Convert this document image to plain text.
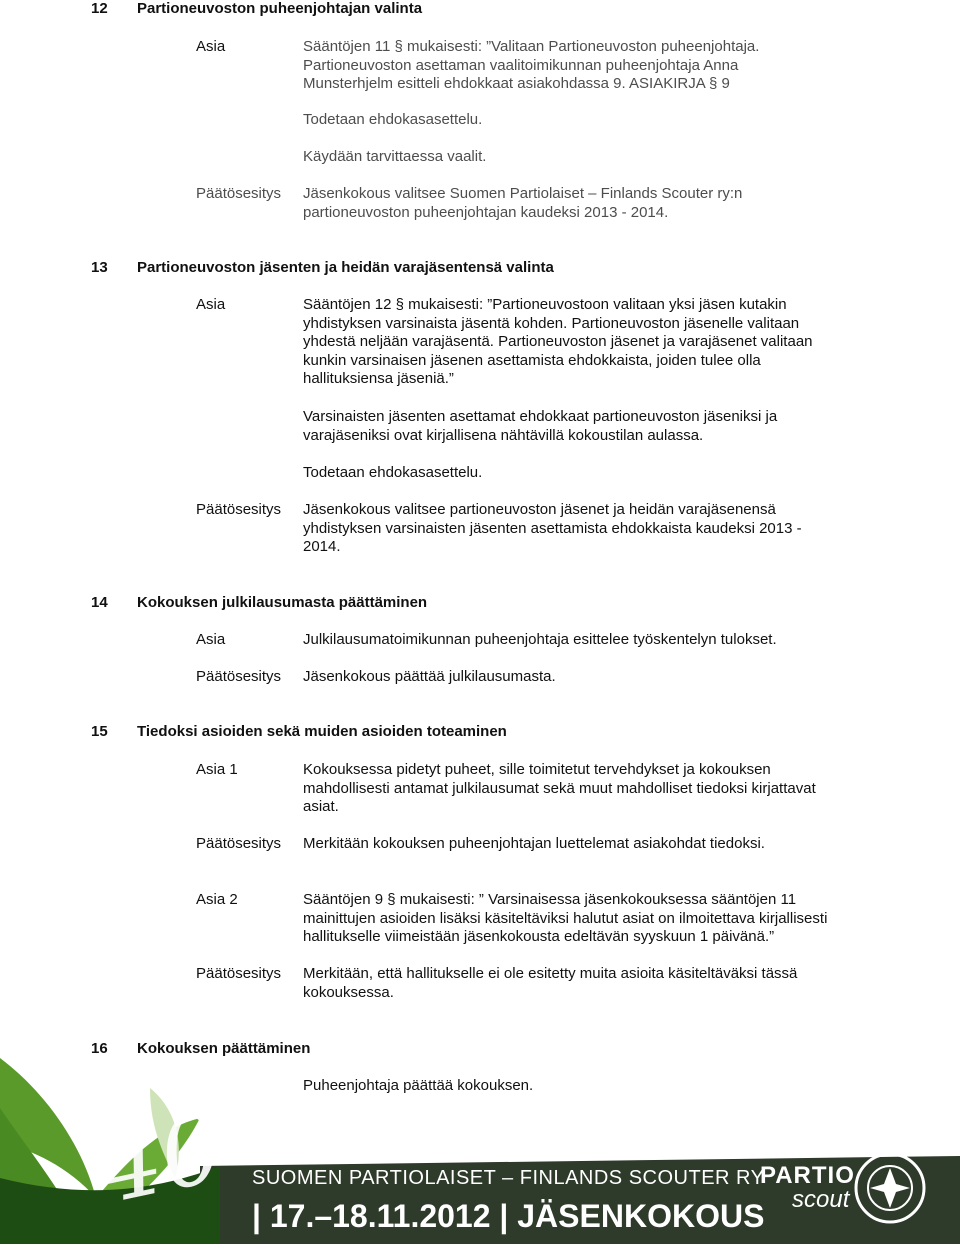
12 Partioneuvoston puheenjohtajan valinta
Asia	Sääntöjen 11 § mukaisesti: ”Valitaan Partioneuvoston puheenjohtaja.

Partioneuvoston asettaman vaalitoimikunnan puheenjohtaja Anna

Munsterhjelm esitteli ehdokkaat asiakohdassa 9. ASIAKIRJA § 9

Todetaan ehdokasasettelu.
Käydään tarvittaessa vaalit.
Päätösesitys Jäsenkokous valitsee Suomen Partiolaiset – Finlands Scouter ry:n

partioneuvoston puheenjohtajan kaudeksi 2013 - 2014.

13 Partioneuvoston jäsenten ja heidän varajäsentensä valinta
Asia	Sääntöjen 12 § mukaisesti: ”Partioneuvostoon valitaan yksi jäsen kutakin

yhdistyksen varsinaista jäsentä kohden. Partioneuvoston jäsenelle valitaan

yhdestä neljään varajäsentä. Partioneuvoston jäsenet ja varajäsenet valitaan

kunkin varsinaisen jäsenen asettamista ehdokkaista, joiden tulee olla

hallituksiensa jäseniä.”

Varsinaisten jäsenten asettamat ehdokkaat partioneuvoston jäseniksi ja

varajäseniksi ovat kirjallisena nähtävillä kokoustilan aulassa.

Todetaan ehdokasasettelu.
Päätösesitys Jäsenkokous valitsee partioneuvoston jäsenet ja heidän varajäsenensä

yhdistyksen varsinaisten jäsenten asettamista ehdokkaista kaudeksi 2013 -

2014.

14 Kokouksen julkilausumasta päättäminen
Asia	Julkilausumatoimikunnan puheenjohtaja esittelee työskentelyn tulokset.
Päätösesitys Jäsenkokous päättää julkilausumasta.
15 Tiedoksi asioiden sekä muiden asioiden toteaminen
Asia 1	Kokouksessa pidetyt puheet, sille toimitetut tervehdykset ja kokouksen

mahdollisesti antamat julkilausumat sekä muut mahdolliset tiedoksi kirjattavat

asiat.

Päätösesitys Merkitään kokouksen puheenjohtajan luettelemat asiakohdat tiedoksi.
Asia 2	Sääntöjen 9 § mukaisesti: ” Varsinaisessa jäsenkokouksessa sääntöjen 11

mainittujen asioiden lisäksi käsiteltäviksi halutut asiat on ilmoitettava kirjallisesti

hallitukselle viimeistään jäsenkokousta edeltävän syyskuun 1 päivänä.”

Päätösesitys Merkitään, että hallitukselle ei ole esitetty muita asioita käsiteltäväksi tässä

kokouksessa.

16 Kokouksen päättäminen
Puheenjohtaja päättää kokouksen.
40 SUOMEN PARTIOLAISET – FINLANDS SCOUTER RY
| 17.–18.11.2012 | JÄSENKOKOUS
PARTIO
scout
